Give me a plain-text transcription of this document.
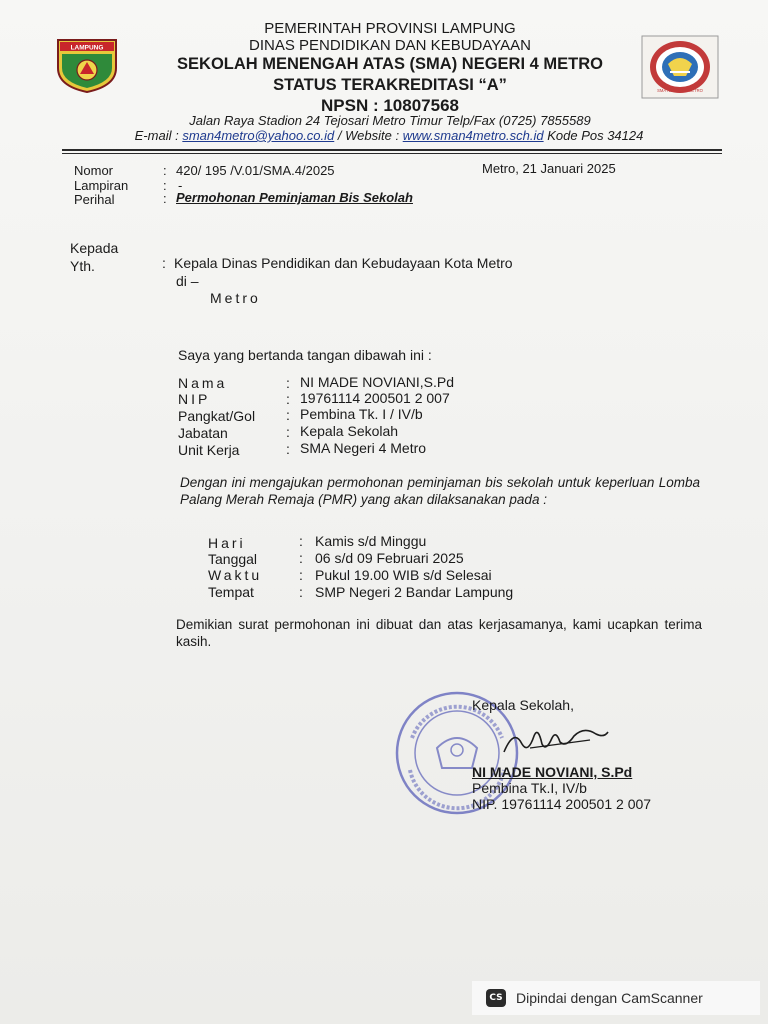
LAMPUNG
SMA NEGERI 4 METRO
PEMERINTAH PROVINSI LAMPUNG
DINAS PENDIDIKAN DAN KEBUDAYAAN
SEKOLAH MENENGAH ATAS (SMA) NEGERI 4 METRO
STATUS TERAKREDITASI “A”
NPSN : 10807568
Jalan Raya Stadion 24 Tejosari Metro Timur Telp/Fax (0725) 7855589
E-mail : sman4metro@yahoo.co.id / Website : www.sman4metro.sch.id Kode Pos 34124
Nomor	: 420/ 195 /V.01/SMA.4/2025	Metro, 21 Januari 2025
Lampiran	: -
Perihal	: Permohonan Peminjaman Bis Sekolah
Kepada
Yth.	: Kepala Dinas Pendidikan dan Kebudayaan Kota Metro
di –
Metro
Saya yang bertanda tangan dibawah ini :
Nama	: NI MADE NOVIANI,S.Pd
NIP	: 19761114 200501 2 007
Pangkat/Gol : Pembina Tk. I / IV/b
Jabatan	: Kepala Sekolah
Unit Kerja	: SMA Negeri 4 Metro
Dengan ini mengajukan permohonan peminjaman bis sekolah untuk keperluan Lomba Palang Merah Remaja (PMR) yang akan dilaksanakan pada :
Hari	: Kamis s/d Minggu
Tanggal	: 06 s/d 09 Februari 2025
Waktu	: Pukul 19.00 WIB s/d Selesai
Tempat	: SMP Negeri 2 Bandar Lampung
Demikian surat permohonan ini dibuat dan atas kerjasamanya, kami ucapkan terima kasih.
Kepala Sekolah,
NI MADE NOVIANI, S.Pd
Pembina Tk.I, IV/b
NIP. 19761114 200501 2 007
CS Dipindai dengan CamScanner
